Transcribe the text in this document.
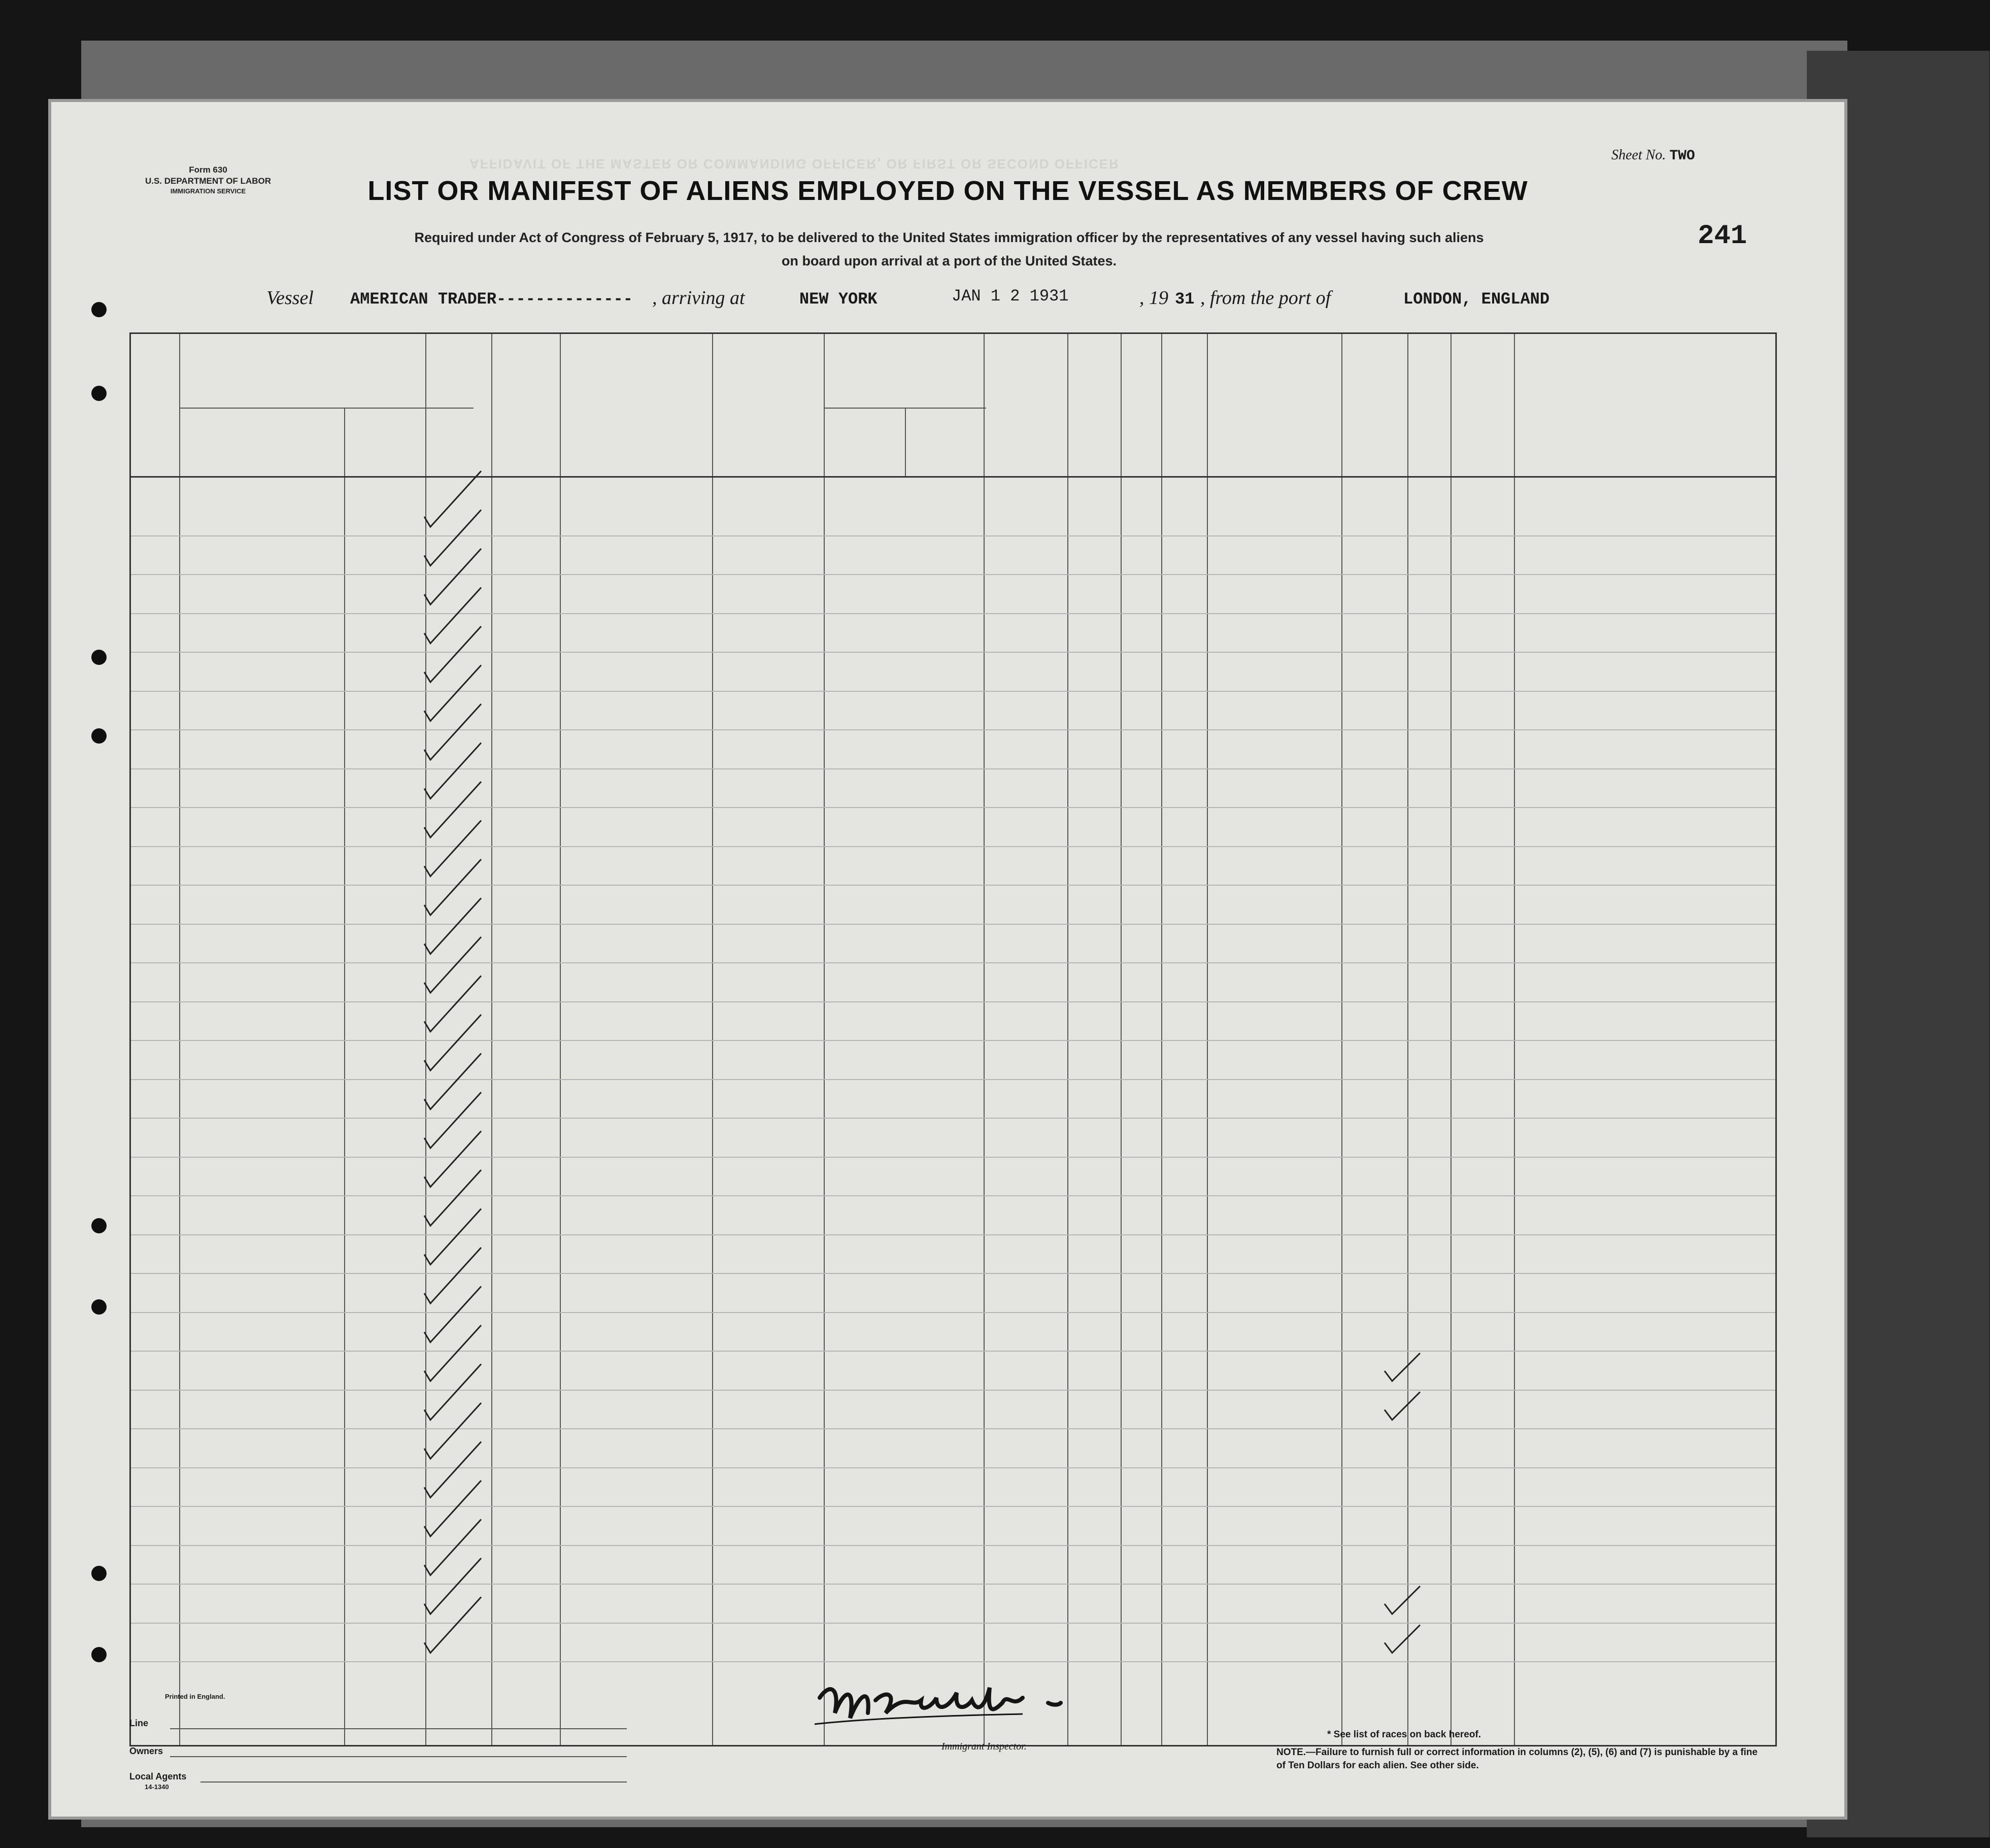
Form 630
U.S. DEPARTMENT OF LABOR
IMMIGRATION SERVICE
AFFIDAVIT OF THE MASTER OR COMMANDING OFFICER, OR FIRST OR SECOND OFFICER
Sheet No. TWO
241
LIST OR MANIFEST OF ALIENS EMPLOYED ON THE VESSEL AS MEMBERS OF CREW
Required under Act of Congress of February 5, 1917, to be delivered to the United States immigration officer by the representatives of any vessel having such aliens
on board upon arrival at a port of the United States.
Vessel AMERICAN TRADER-------------- , arriving at	NEW YORK	JAN 1 2 1931	, 19 31 , from the port of	LONDON, ENGLAND
Printed in England.
Line
Owners
Local Agents
14-1340
Immigrant Inspector.
* See list of races on back hereof.
NOTE.—Failure to furnish full or correct information in columns (2), (5), (6) and (7) is punishable by a fine of Ten Dollars for each alien. See other side.
